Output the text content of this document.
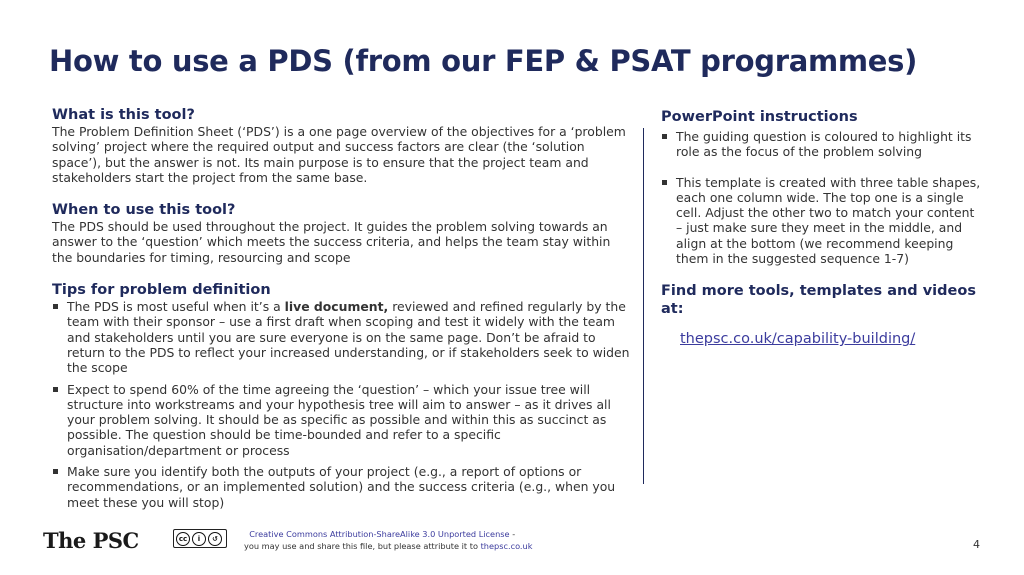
How to use a PDS (from our FEP & PSAT programmes)

What is this tool?

The Problem Definition Sheet (‘PDS’) is a one page overview of the objectives for a ‘problem solving’ project where the required output and success factors are clear (the ‘solution space’), but the answer is not. Its main purpose is to ensure that the project team and stakeholders start the project from the same base.

When to use this tool?

The PDS should be used throughout the project. It guides the problem solving towards an answer to the ‘question’ which meets the success criteria, and helps the team stay within the boundaries for timing, resourcing and scope

Tips for problem definition

The PDS is most useful when it’s a live document, reviewed and refined regularly by the team with their sponsor – use a first draft when scoping and test it widely with the team and stakeholders until you are sure everyone is on the same page. Don’t be afraid to return to the PDS to reflect your increased understanding, or if stakeholders seek to widen the scope
Expect to spend 60% of the time agreeing the ‘question’ – which your issue tree will structure into workstreams and your hypothesis tree will aim to answer – as it drives all your problem solving. It should be as specific as possible and within this as succinct as possible. The question should be time-bounded and refer to a specific organisation/department or process
Make sure you identify both the outputs of your project (e.g., a report of options or recommendations, or an implemented solution) and the success criteria (e.g., when you meet these you will stop)

PowerPoint instructions

The guiding question is coloured to highlight its role as the focus of the problem solving
This template is created with three table shapes, each one column wide. The top one is a single cell. Adjust the other two to match your content – just make sure they meet in the middle, and align at the bottom (we recommend keeping them in the suggested sequence 1-7)

Find more tools, templates and videos at:

thepsc.co.uk/capability-building/
The PSC	cc	i	↺	Creative Commons Attribution-ShareAlike 3.0 Unported License -
you may use and share this file, but please attribute it to thepsc.co.uk	4
